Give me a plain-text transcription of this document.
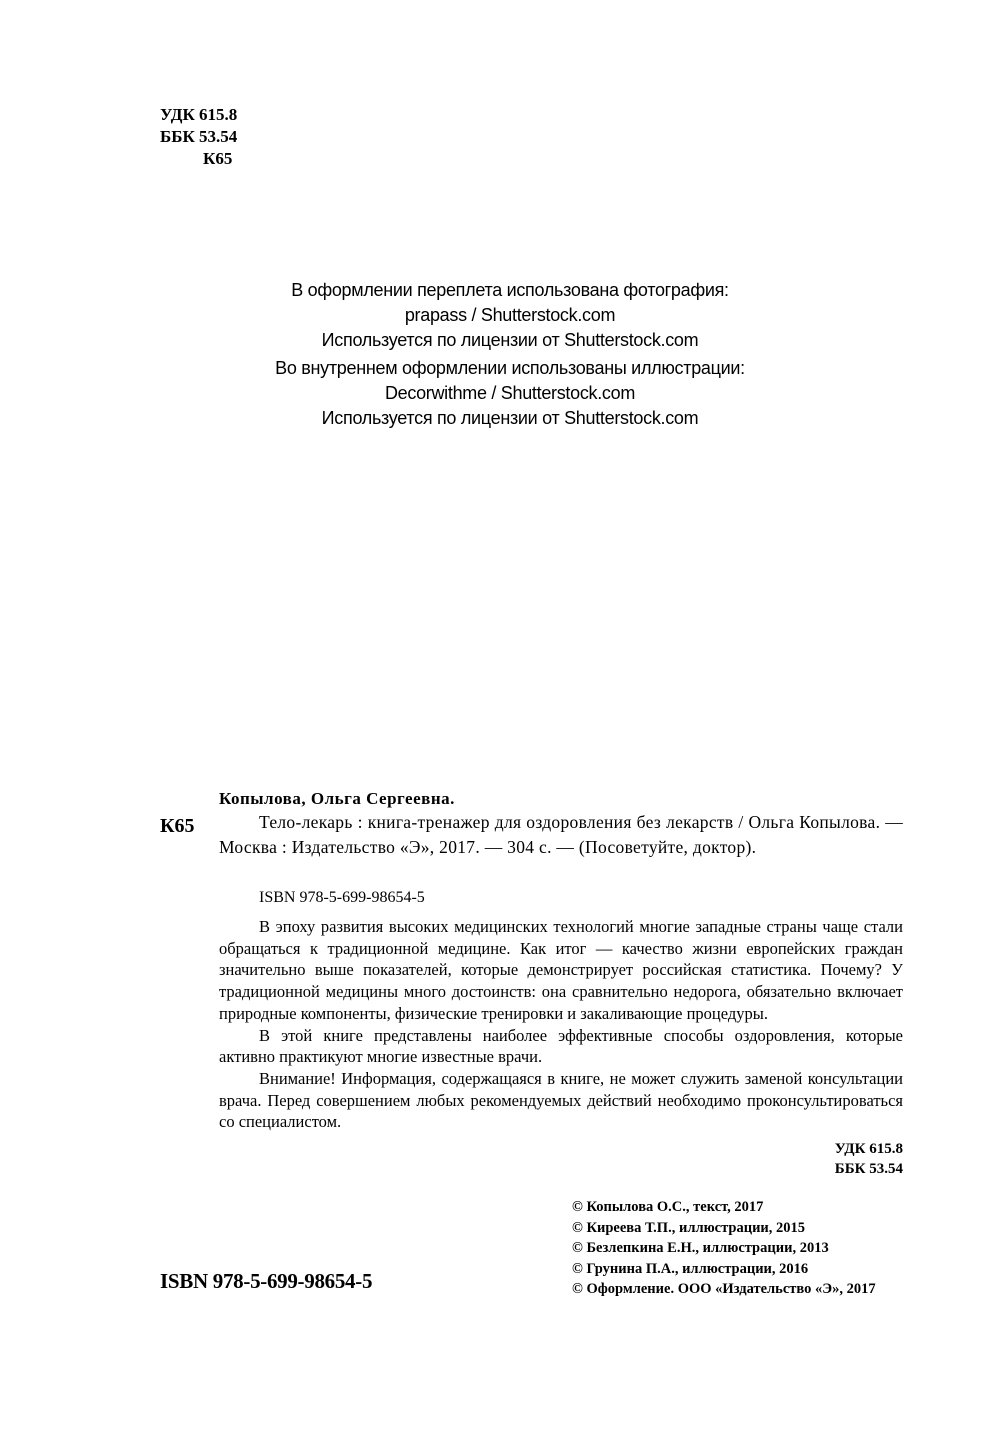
УДК 615.8
ББК 53.54
К65
В оформлении переплета использована фотография:
prapass / Shutterstock.com
Используется по лицензии от Shutterstock.com
Во внутреннем оформлении использованы иллюстрации:
Decorwithme / Shutterstock.com
Используется по лицензии от Shutterstock.com
Копылова, Ольга Сергеевна.
К65	Тело-лекарь : книга-тренажер для оздоровления без лекарств / Ольга Копылова. — Москва : Издательство «Э», 2017. — 304 с. — (Посоветуйте, доктор).

ISBN 978-5-699-98654-5

В эпоху развития высоких медицинских технологий многие западные страны чаще стали обращаться к традиционной медицине. Как итог — качество жизни европейских граждан значительно выше показателей, которые демонстрирует российская статистика. Почему? У традиционной медицины много достоинств: она сравнительно недорога, обязательно включает природные компоненты, физические тренировки и закаливающие процедуры.

В этой книге представлены наиболее эффективные способы оздоровления, которые активно практикуют многие известные врачи.

Внимание! Информация, содержащаяся в книге, не может служить заменой консультации врача. Перед совершением любых рекомендуемых действий необходимо проконсультироваться со специалистом.

УДК 615.8
ББК 53.54
ISBN 978-5-699-98654-5
© Копылова О.С., текст, 2017
© Киреева Т.П., иллюстрации, 2015
© Безлепкина Е.Н., иллюстрации, 2013
© Грунина П.А., иллюстрации, 2016
© Оформление. ООО «Издательство «Э», 2017
